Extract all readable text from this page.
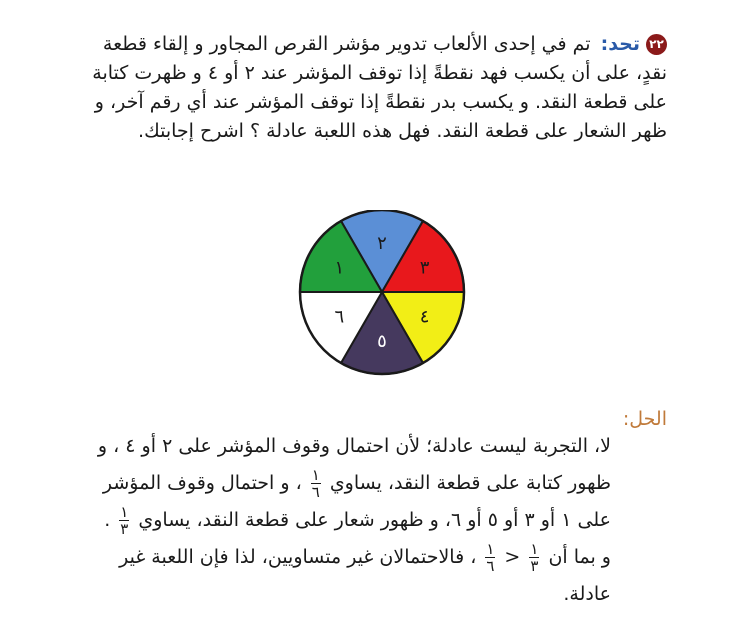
٢٢تحد: تم في إحدى الألعاب تدوير مؤشر القرص المجاور و إلقاء قطعة نقدٍ، على أن يكسب فهد نقطةً إذا توقف المؤشر عند ٢ أو ٤ و ظهرت كتابة على قطعة النقد. و يكسب بدر نقطةً إذا توقف المؤشر عند أي رقم آخر، و ظهر الشعار على قطعة النقد. فهل هذه اللعبة عادلة ؟ اشرح إجابتك.
٢
٣
٤
٥
٦
١
الحل:
لا، التجربة ليست عادلة؛ لأن احتمال وقوف المؤشر على ٢ أو ٤ ، و ظهور كتابة على قطعة النقد، يساوي
$\frac{١}{٦}$
، و احتمال وقوف المؤشر على ١ أو ٣ أو ٥ أو ٦، و ظهور شعار على قطعة النقد، يساوي
$\frac{١}{٣}$
. و بما أن
$\frac{١}{٣}$
<
$\frac{١}{٦}$
، فالاحتمالان غير متساويين، لذا فإن اللعبة غير عادلة.
